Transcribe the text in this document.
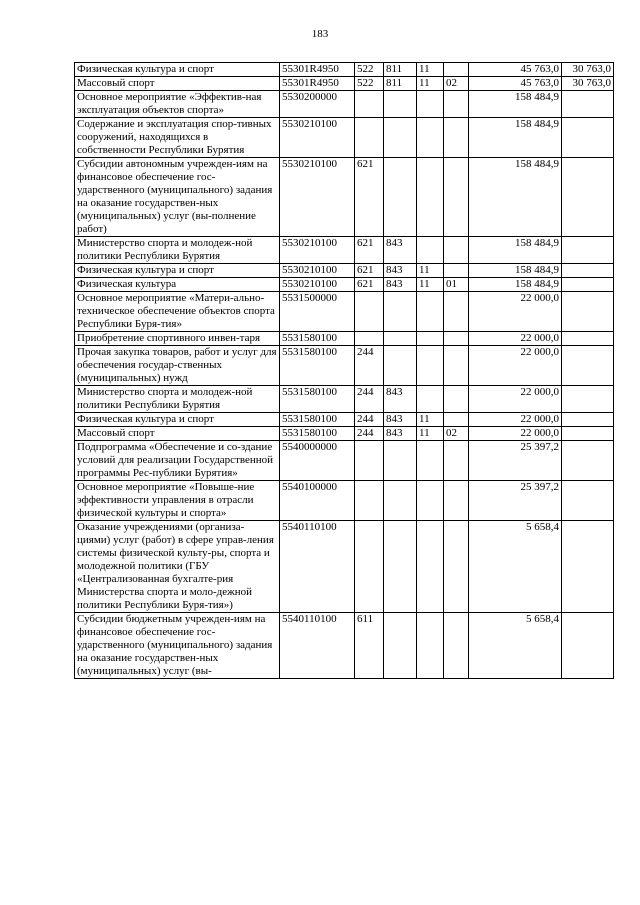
183
Физическая культура и спорт	55301R4950	522	811	11		45 763,0	30 763,0
Массовый спорт	55301R4950	522	811	11	02	45 763,0	30 763,0
Основное мероприятие «Эффектив-ная эксплуатация объектов спорта»	5530200000					158 484,9	
Содержание и эксплуатация спор-тивных сооружений, находящихся в собственности Республики Бурятия	5530210100					158 484,9	
Субсидии автономным учрежден-иям на финансовое обеспечение гос-ударственного (муниципального) задания на оказание государствен-ных (муниципальных) услуг (вы-полнение работ)	5530210100	621				158 484,9	
Министерство спорта и молодеж-ной политики Республики Бурятия	5530210100	621	843			158 484,9	
Физическая культура и спорт	5530210100	621	843	11		158 484,9	
Физическая культура	5530210100	621	843	11	01	158 484,9	
Основное мероприятие «Матери-ально-техническое обеспечение объектов спорта Республики Буря-тия»	5531500000					22 000,0	
Приобретение спортивного инвен-таря	5531580100					22 000,0	
Прочая закупка товаров, работ и услуг для обеспечения государ-ственных (муниципальных) нужд	5531580100	244				22 000,0	
Министерство спорта и молодеж-ной политики Республики Бурятия	5531580100	244	843			22 000,0	
Физическая культура и спорт	5531580100	244	843	11		22 000,0	
Массовый спорт	5531580100	244	843	11	02	22 000,0	
Подпрограмма «Обеспечение и со-здание условий для реализации Государственной программы Рес-публики Бурятия»	5540000000					25 397,2	
Основное мероприятие «Повыше-ние эффективности управления в отрасли физической культуры и спорта»	5540100000					25 397,2	
Оказание учреждениями (организа-циями) услуг (работ) в сфере управ-ления системы физической культу-ры, спорта и молодежной политики (ГБУ «Централизованная бухгалте-рия Министерства спорта и моло-дежной политики Республики Буря-тия»)	5540110100					5 658,4	
Субсидии бюджетным учрежден-иям на финансовое обеспечение гос-ударственного (муниципального) задания на оказание государствен-ных (муниципальных) услуг (вы-	5540110100	611				5 658,4	
